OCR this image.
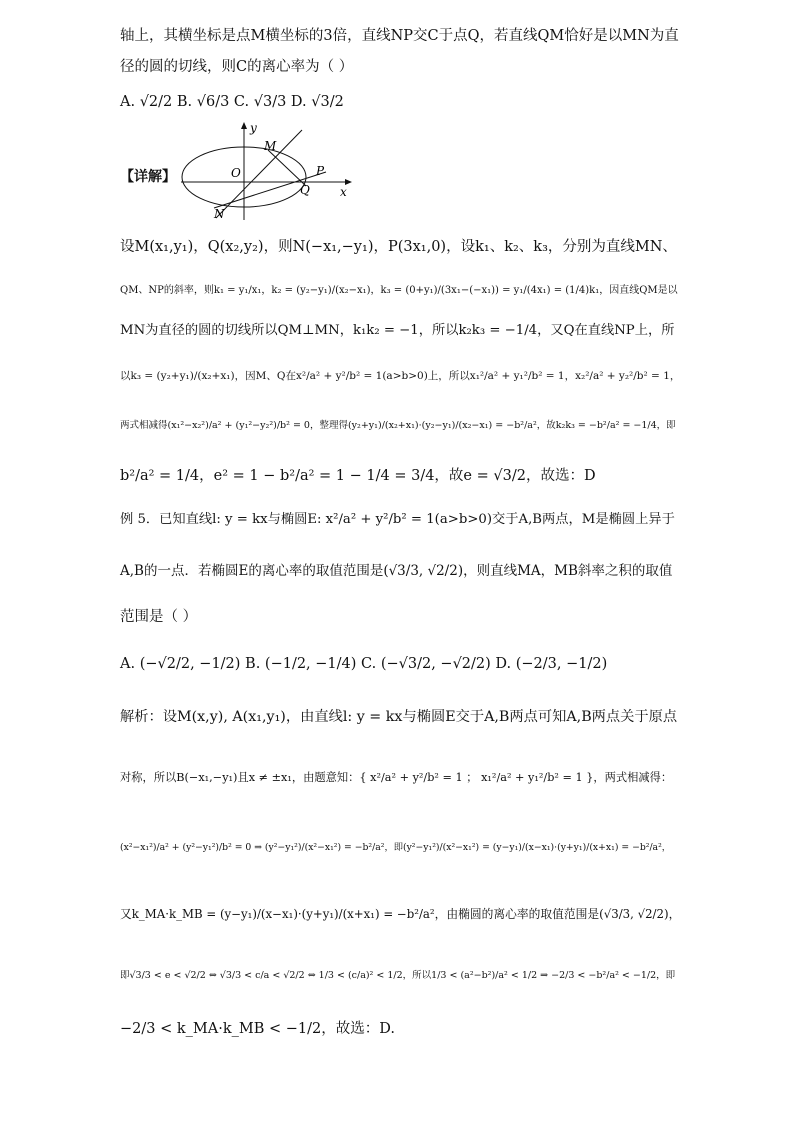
轴上，其横坐标是点M横坐标的3倍，直线NP交C于点Q，若直线QM恰好是以MN为直
径的圆的切线，则C的离心率为（ ）
A. √2/2 B. √6/3 C. √3/3 D. √3/2
【详解】
y
x
O
M
P
Q
N
设M(x₁,y₁)，Q(x₂,y₂)，则N(−x₁,−y₁)，P(3x₁,0)，设k₁、k₂、k₃，分别为直线MN、
QM、NP的斜率，则k₁ = y₁/x₁，k₂ = (y₂−y₁)/(x₂−x₁)，k₃ = (0+y₁)/(3x₁−(−x₁)) = y₁/(4x₁) = (1/4)k₁，因直线QM是以
MN为直径的圆的切线所以QM⊥MN，k₁k₂ = −1，所以k₂k₃ = −1/4，又Q在直线NP上，所
以k₃ = (y₂+y₁)/(x₂+x₁)，因M、Q在x²/a² + y²/b² = 1(a>b>0)上，所以x₁²/a² + y₁²/b² = 1，x₂²/a² + y₂²/b² = 1，
两式相减得(x₁²−x₂²)/a² + (y₁²−y₂²)/b² = 0，整理得(y₂+y₁)/(x₂+x₁)·(y₂−y₁)/(x₂−x₁) = −b²/a²，故k₂k₃ = −b²/a² = −1/4，即
b²/a² = 1/4，e² = 1 − b²/a² = 1 − 1/4 = 3/4，故e = √3/2，故选：D
例 5．已知直线l: y = kx与椭圆E: x²/a² + y²/b² = 1(a>b>0)交于A,B两点，M是椭圆上异于
A,B的一点．若椭圆E的离心率的取值范围是(√3/3, √2/2)，则直线MA，MB斜率之积的取值
范围是（ ）
A. (−√2/2, −1/2) B. (−1/2, −1/4) C. (−√3/2, −√2/2) D. (−2/3, −1/2)
解析：设M(x,y), A(x₁,y₁)，由直线l: y = kx与椭圆E交于A,B两点可知A,B两点关于原点
对称，所以B(−x₁,−y₁)且x ≠ ±x₁，由题意知：{ x²/a² + y²/b² = 1 ； x₁²/a² + y₁²/b² = 1 }，两式相减得：
(x²−x₁²)/a² + (y²−y₁²)/b² = 0 ⇒ (y²−y₁²)/(x²−x₁²) = −b²/a²，即(y²−y₁²)/(x²−x₁²) = (y−y₁)/(x−x₁)·(y+y₁)/(x+x₁) = −b²/a²，
又k_MA·k_MB = (y−y₁)/(x−x₁)·(y+y₁)/(x+x₁) = −b²/a²，由椭圆的离心率的取值范围是(√3/3, √2/2)，
即√3/3 < e < √2/2 ⇔ √3/3 < c/a < √2/2 ⇔ 1/3 < (c/a)² < 1/2，所以1/3 < (a²−b²)/a² < 1/2 ⇒ −2/3 < −b²/a² < −1/2，即
−2/3 < k_MA·k_MB < −1/2，故选：D.
